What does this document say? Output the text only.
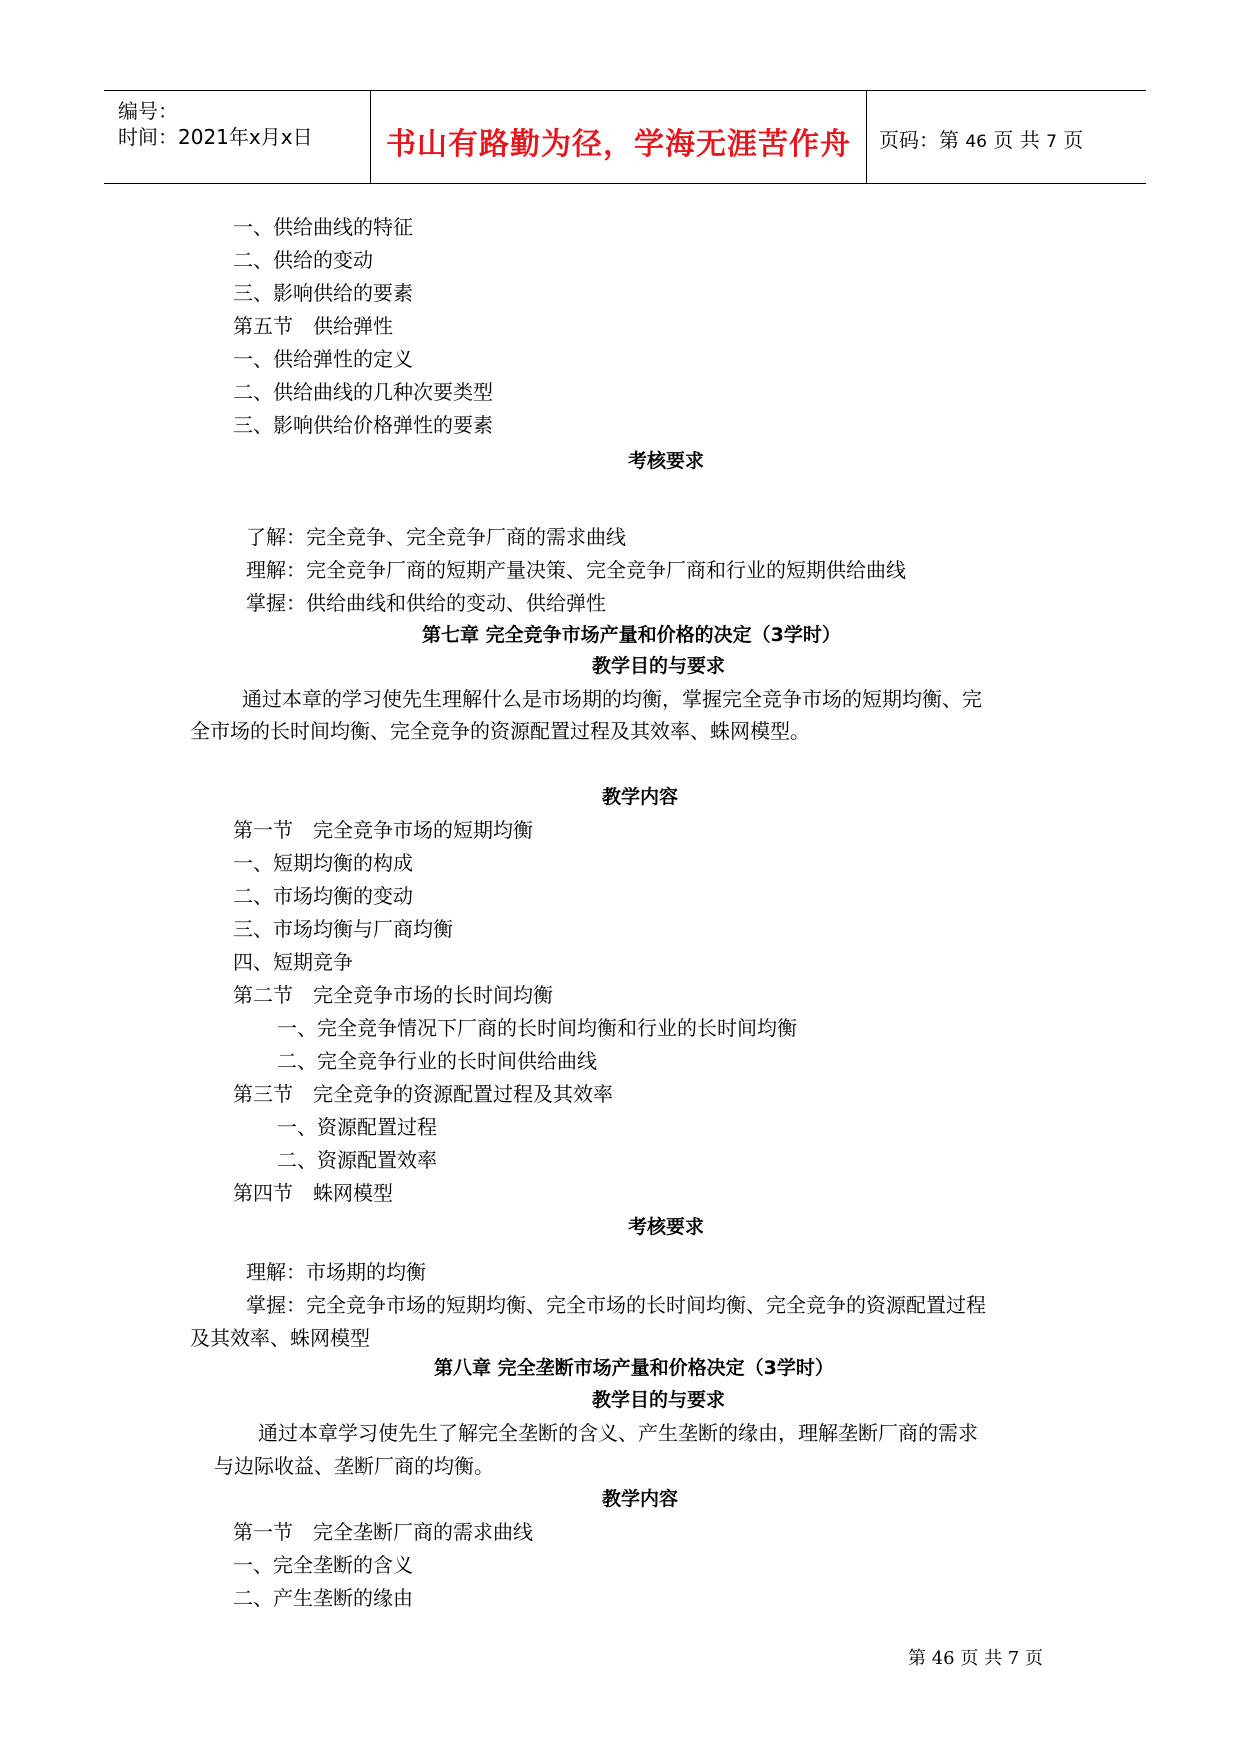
编号：
时间：2021年x月x日	书山有路勤为径，学海无涯苦作舟	页码：第 46 页 共 7 页
一、供给曲线的特征
二、供给的变动
三、影响供给的要素
第五节　供给弹性
一、供给弹性的定义
二、供给曲线的几种次要类型
三、影响供给价格弹性的要素
考核要求
了解：完全竞争、完全竞争厂商的需求曲线
理解：完全竞争厂商的短期产量决策、完全竞争厂商和行业的短期供给曲线
掌握：供给曲线和供给的变动、供给弹性
第七章 完全竞争市场产量和价格的决定（3学时）
教学目的与要求
通过本章的学习使先生理解什么是市场期的均衡，掌握完全竞争市场的短期均衡、完
全市场的长时间均衡、完全竞争的资源配置过程及其效率、蛛网模型。
教学内容
第一节　完全竞争市场的短期均衡
一、短期均衡的构成
二、市场均衡的变动
三、市场均衡与厂商均衡
四、短期竞争
第二节　完全竞争市场的长时间均衡
一、完全竞争情况下厂商的长时间均衡和行业的长时间均衡
二、完全竞争行业的长时间供给曲线
第三节　完全竞争的资源配置过程及其效率
一、资源配置过程
二、资源配置效率
第四节　蛛网模型
考核要求
理解：市场期的均衡
掌握：完全竞争市场的短期均衡、完全市场的长时间均衡、完全竞争的资源配置过程
及其效率、蛛网模型
第八章 完全垄断市场产量和价格决定（3学时）
教学目的与要求
通过本章学习使先生了解完全垄断的含义、产生垄断的缘由，理解垄断厂商的需求
与边际收益、垄断厂商的均衡。
教学内容
第一节　完全垄断厂商的需求曲线
一、完全垄断的含义
二、产生垄断的缘由
第 46 页 共 7 页
